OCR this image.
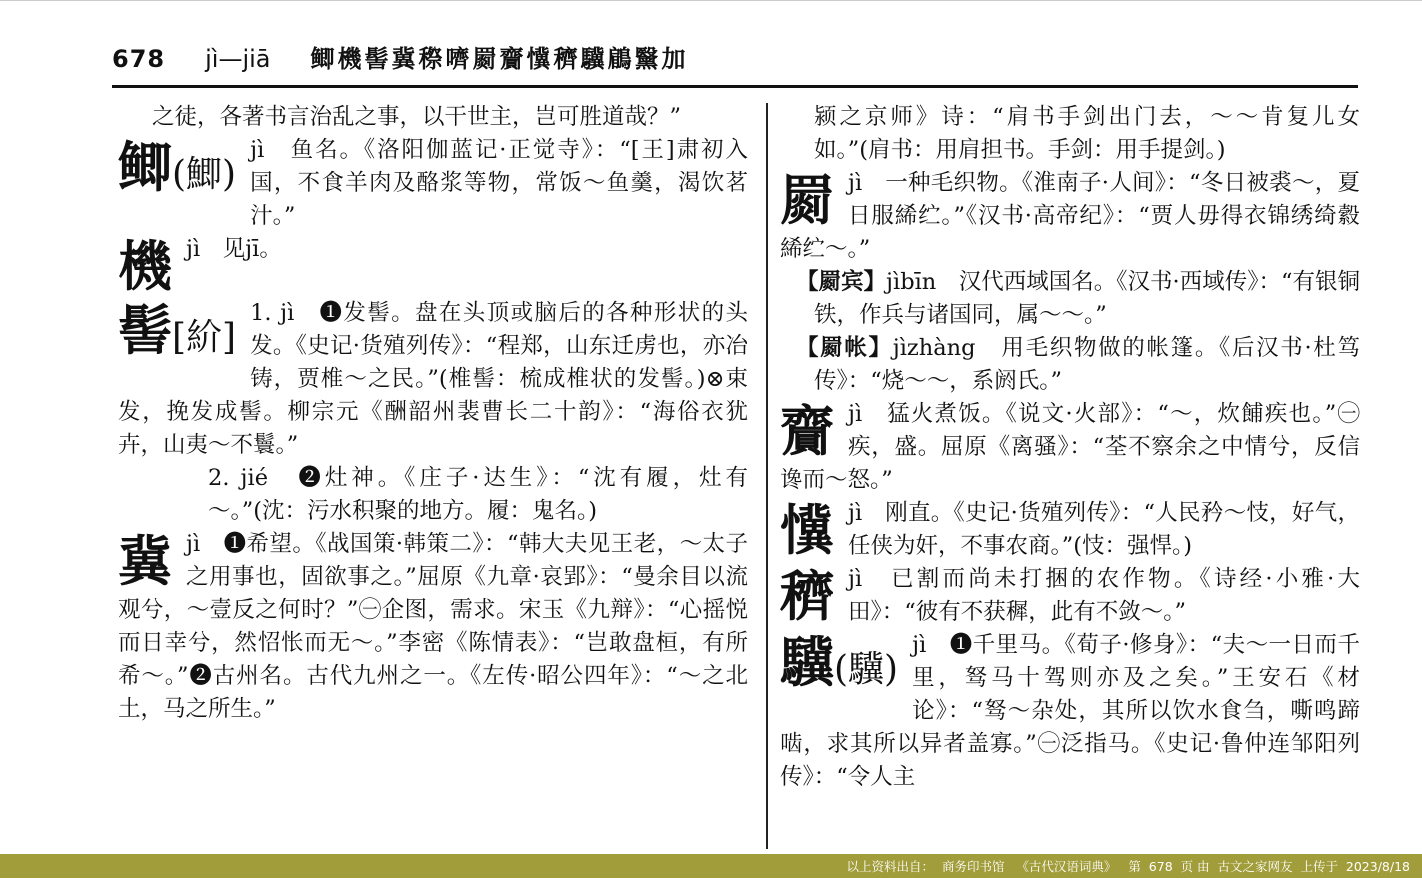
678 jì—jiā 鲫機髻冀穄嚌罽齎懻穧驥鵳黳加

之徒，各著书言治乱之事，以干世主，岂可胜道哉？”

鲫(鯽)

jì　鱼名。《洛阳伽蓝记·正觉寺》：“[王]肃初入国，不食羊肉及酪浆等物，常饭～鱼羹，渴饮茗汁。”

機 jì　见jī。

髻[紒]

1. jì　❶发髻。盘在头顶或脑后的各种形状的头发。《史记·货殖列传》：“程郑，山东迁虏也，亦冶铸，贾椎～之民。”(椎髻：梳成椎状的发髻。)⊗束发，挽发成髻。柳宗元《酬韶州裴曹长二十韵》：“海俗衣犹卉，山夷～不鬟。”

2. jié　❷灶神。《庄子·达生》：“沈有履，灶有～。”(沈：污水积聚的地方。履：鬼名。)

冀 jì　❶希望。《战国策·韩策二》：“韩大夫见王老，～太子之用事也，固欲事之。”屈原《九章·哀郢》：“曼余目以流观兮，～壹反之何时？”㊀企图，需求。宋玉《九辩》：“心摇悦而日幸兮，然怊怅而无～。”李密《陈情表》：“岂敢盘桓，有所希～。”❷古州名。古代九州之一。《左传·昭公四年》：“～之北土，马之所生。”

颍之京师》诗：“肩书手剑出门去，～～肯复儿女如。”(肩书：用肩担书。手剑：用手提剑。)

罽 jì　一种毛织物。《淮南子·人间》：“冬日被裘～，夏日服絺纻。”《汉书·高帝纪》：“贾人毋得衣锦绣绮縠絺纻～。”

【罽宾】jìbīn　汉代西域国名。《汉书·西域传》：“有银铜铁，作兵与诸国同，属～～。”

【罽帐】jìzhàng　用毛织物做的帐篷。《后汉书·杜笃传》：“烧～～，系阏氏。”

齎 jì　猛火煮饭。《说文·火部》：“～，炊餔疾也。”㊀疾，盛。屈原《离骚》：“荃不察余之中情兮，反信谗而～怒。”

懻 jì　刚直。《史记·货殖列传》：“人民矜～忮，好气，任侠为奸，不事农商。”(忮：强悍。)

穧 jì　已割而尚未打捆的农作物。《诗经·小雅·大田》：“彼有不获穉，此有不敛～。”

驥(驥)

jì　❶千里马。《荀子·修身》：“夫～一日而千里，驽马十驾则亦及之矣。”王安石《材论》：“驽～杂处，其所以饮水食刍，嘶鸣蹄啮，求其所以异者盖寡。”㊀泛指马。《史记·鲁仲连邹阳列传》：“令人主

以上资料出自：  商务印书馆   《古代汉语词典》   第  678  页 由  古文之家网友  上传于  2023/8/18
